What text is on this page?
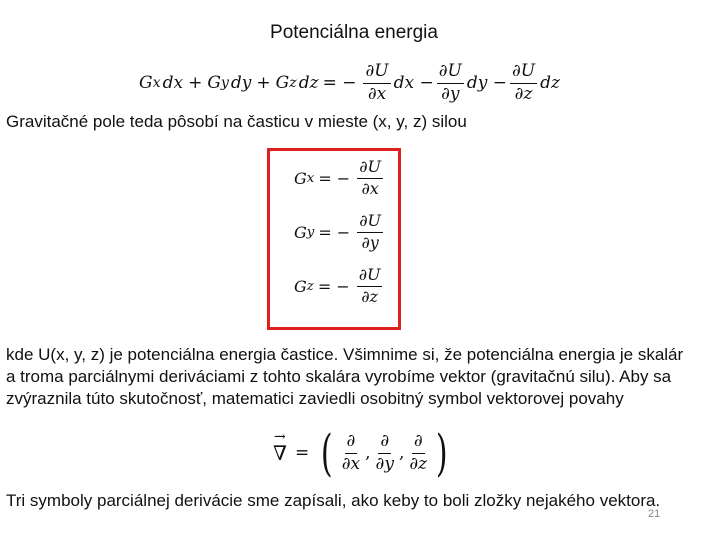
Potenciálna energia
G x dx + G y dy + G z dz = − $\frac{\partial U}{\partial x}$ dx − $\frac{\partial U}{\partial y}$ dy − $\frac{\partial U}{\partial z}$ dz
Gravitačné pole teda pôsobí na časticu v mieste (x, y, z) silou
G x = − $\frac{\partial U}{\partial x}$
G y = − $\frac{\partial U}{\partial y}$
G z = − $\frac{\partial U}{\partial z}$
kde U(x, y, z) je potenciálna energia častice. Všimnime si, že potenciálna energia je skalár a troma parciálnymi deriváciami z tohto skalára vyrobíme vektor (gravitačnú silu). Aby sa zvýraznila túto skutočnosť, matematici zaviedli osobitný symbol vektorovej povahy
→
∇ = ( $\frac{\partial}{\partial x}$ , $\frac{\partial}{\partial y}$ , $\frac{\partial}{\partial z}$ )
Tri symboly parciálnej derivácie sme zapísali, ako keby to boli zložky nejakého vektora.
21
